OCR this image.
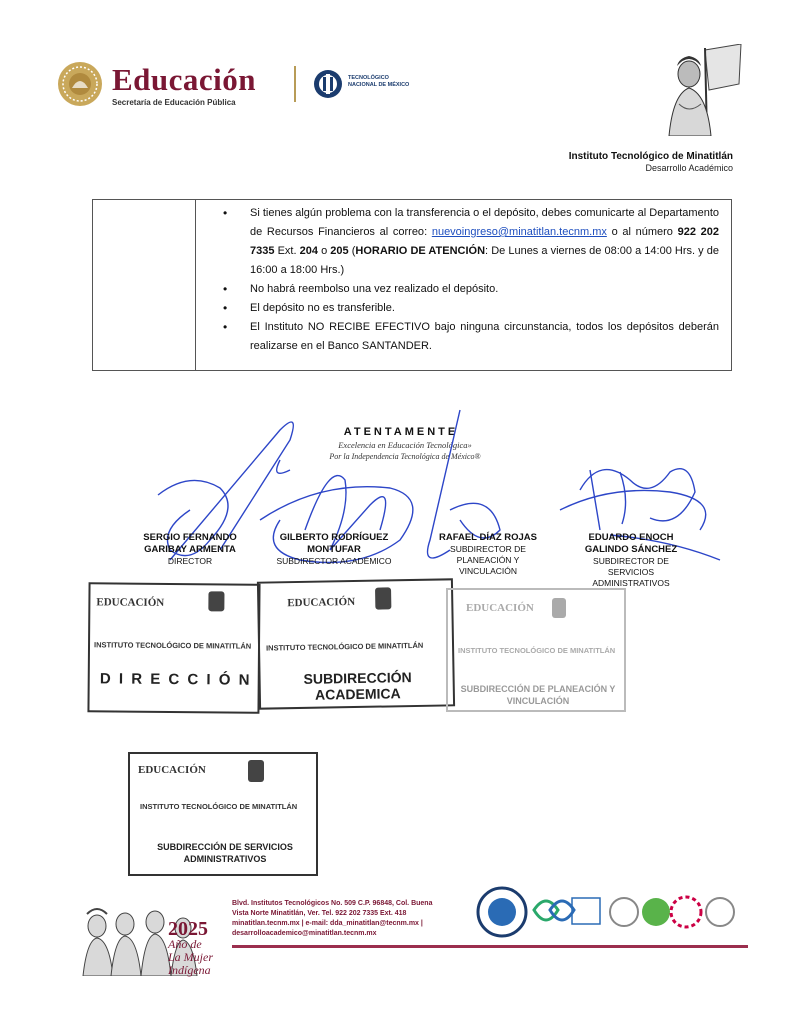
Educación
Secretaría de Educación Pública
TECNOLÓGICO
NACIONAL DE MÉXICO
Instituto Tecnológico de Minatitlán
Desarrollo Académico
• Si tienes algún problema con la transferencia o el depósito, debes comunicarte al Departamento de Recursos Financieros al correo: nuevoingreso@minatitlan.tecnm.mx o al número 922 202 7335 Ext. 204 o 205 (HORARIO DE ATENCIÓN: De Lunes a viernes de 08:00 a 14:00 Hrs. y de 16:00 a 18:00 Hrs.)
• No habrá reembolso una vez realizado el depósito.
• El depósito no es transferible.
• El Instituto NO RECIBE EFECTIVO bajo ninguna circunstancia, todos los depósitos deberán realizarse en el Banco SANTANDER.
ATENTAMENTE
Excelencia en Educación Tecnológica»
Por la Independencia Tecnológica de México®
SERGIO FERNANDO
GARIBAY ARMENTA
DIRECTOR
GILBERTO RODRÍGUEZ
MONTUFAR
SUBDIRECTOR ACADÉMICO
RAFAEL DÍAZ ROJAS
SUBDIRECTOR DE
PLANEACIÓN Y
VINCULACIÓN
EDUARDO ENOCH
GALINDO SÁNCHEZ
SUBDIRECTOR DE
SERVICIOS
ADMINISTRATIVOS
EDUCACIÓN
INSTITUTO TECNOLÓGICO DE MINATITLÁN
D I R E C C I Ó N
EDUCACIÓN
INSTITUTO TECNOLÓGICO DE MINATITLÁN
SUBDIRECCIÓN ACADEMICA
EDUCACIÓN
INSTITUTO TECNOLÓGICO DE MINATITLÁN
SUBDIRECCIÓN DE PLANEACIÓN Y
VINCULACIÓN
EDUCACIÓN
INSTITUTO TECNOLÓGICO DE MINATITLÁN
SUBDIRECCIÓN DE SERVICIOS
ADMINISTRATIVOS
2025
Año de
La Mujer
Indígena
Blvd. Institutos Tecnológicos No. 509 C.P. 96848, Col. Buena
Vista Norte Minatitlán, Ver. Tel. 922 202 7335 Ext. 418
minatitlan.tecnm.mx | e-mail: dda_minatitlan@tecnm.mx |
desarrolloacademico@minatitlan.tecnm.mx
